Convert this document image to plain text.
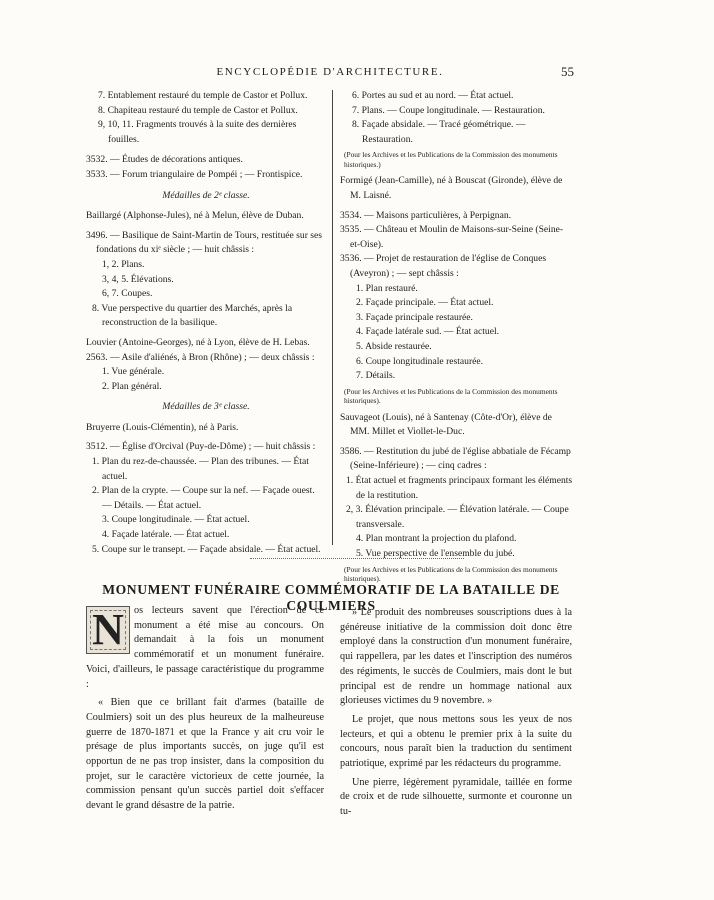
ENCYCLOPÉDIE D'ARCHITECTURE.	55
7. Entablement restauré du temple de Castor et Pollux.
8. Chapiteau restauré du temple de Castor et Pollux.
9, 10, 11. Fragments trouvés à la suite des dernières fouilles.
3532. — Études de décorations antiques.
3533. — Forum triangulaire de Pompéi ; — Frontispice.
Médailles de 2ᵉ classe.
Baillargé (Alphonse-Jules), né à Melun, élève de Duban.
3496. — Basilique de Saint-Martin de Tours, restituée sur ses fondations du xiᵉ siècle ; — huit châssis :
1, 2. Plans.
3, 4, 5. Élévations.
6, 7. Coupes.
8. Vue perspective du quartier des Marchés, après la reconstruction de la basilique.
Louvier (Antoine-Georges), né à Lyon, élève de H. Lebas.
2563. — Asile d'aliénés, à Bron (Rhône) ; — deux châssis :
1. Vue générale.
2. Plan général.
Médailles de 3ᵉ classe.
Bruyerre (Louis-Clémentin), né à Paris.
3512. — Église d'Orcival (Puy-de-Dôme) ; — huit châssis :
1. Plan du rez-de-chaussée. — Plan des tribunes. — État actuel.
2. Plan de la crypte. — Coupe sur la nef. — Façade ouest. — Détails. — État actuel.
3. Coupe longitudinale. — État actuel.
4. Façade latérale. — État actuel.
5. Coupe sur le transept. — Façade absidale. — État actuel.
6. Portes au sud et au nord. — État actuel.
7. Plans. — Coupe longitudinale. — Restauration.
8. Façade absidale. — Tracé géométrique. — Restauration.
(Pour les Archives et les Publications de la Commission des monuments historiques.)
Formigé (Jean-Camille), né à Bouscat (Gironde), élève de M. Laisné.
3534. — Maisons particulières, à Perpignan.
3535. — Château et Moulin de Maisons-sur-Seine (Seine-et-Oise).
3536. — Projet de restauration de l'église de Conques (Aveyron) ; — sept châssis :
1. Plan restauré.
2. Façade principale. — État actuel.
3. Façade principale restaurée.
4. Façade latérale sud. — État actuel.
5. Abside restaurée.
6. Coupe longitudinale restaurée.
7. Détails.
(Pour les Archives et les Publications de la Commission des monuments historiques).
Sauvageot (Louis), né à Santenay (Côte-d'Or), élève de MM. Millet et Viollet-le-Duc.
3586. — Restitution du jubé de l'église abbatiale de Fécamp (Seine-Inférieure) ; — cinq cadres :
1. État actuel et fragments principaux formant les éléments de la restitution.
2, 3. Élévation principale. — Élévation latérale. — Coupe transversale.
4. Plan montrant la projection du plafond.
5. Vue perspective de l'ensemble du jubé.
(Pour les Archives et les Publications de la Commission des monuments historiques).
MONUMENT FUNÉRAIRE COMMÉMORATIF DE LA BATAILLE DE COULMIERS
N os lecteurs savent que l'érection de ce monument a été mise au concours. On demandait à la fois un monument commémoratif et un monument funéraire. Voici, d'ailleurs, le passage caractéristique du programme :

« Bien que ce brillant fait d'armes (bataille de Coulmiers) soit un des plus heureux de la malheureuse guerre de 1870-1871 et que la France y ait cru voir le présage de plus importants succès, on juge qu'il est opportun de ne pas trop insister, dans la composition du projet, sur le caractère victorieux de cette journée, la commission pensant qu'un succès partiel doit s'effacer devant le grand désastre de la patrie.

» Le produit des nombreuses souscriptions dues à la généreuse initiative de la commission doit donc être employé dans la construction d'un monument funéraire, qui rappellera, par les dates et l'inscription des numéros des régiments, le succès de Coulmiers, mais dont le but principal est de rendre un hommage national aux glorieuses victimes du 9 novembre. »

Le projet, que nous mettons sous les yeux de nos lecteurs, et qui a obtenu le premier prix à la suite du concours, nous paraît bien la traduction du sentiment patriotique, exprimé par les rédacteurs du programme.

Une pierre, légèrement pyramidale, taillée en forme de croix et de rude silhouette, surmonte et couronne un tu-
